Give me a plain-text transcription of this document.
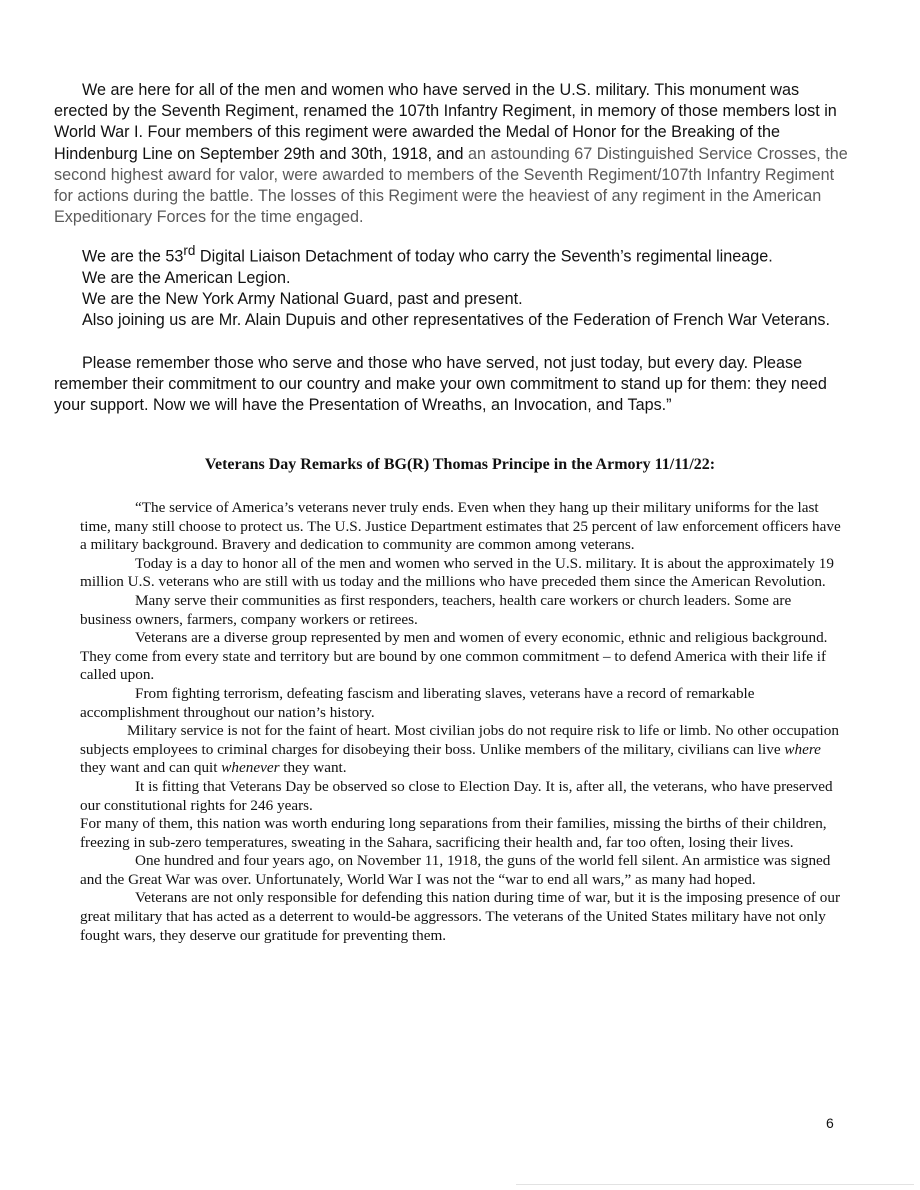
We are here for all of the men and women who have served in the U.S. military. This monument was erected by the Seventh Regiment, renamed the 107th Infantry Regiment, in memory of those members lost in World War I. Four members of this regiment were awarded the Medal of Honor for the Breaking of the Hindenburg Line on September 29th and 30th, 1918, and an astounding 67 Distinguished Service Crosses, the second highest award for valor, were awarded to members of the Seventh Regiment/107th Infantry Regiment for actions during the battle. The losses of this Regiment were the heaviest of any regiment in the American Expeditionary Forces for the time engaged.

We are the 53rd Digital Liaison Detachment of today who carry the Seventh’s regimental lineage.

We are the American Legion.

We are the New York Army National Guard, past and present.

Also joining us are Mr. Alain Dupuis and other representatives of the Federation of French War Veterans.

Please remember those who serve and those who have served, not just today, but every day. Please remember their commitment to our country and make your own commitment to stand up for them: they need your support. Now we will have the Presentation of Wreaths, an Invocation, and Taps.”

Veterans Day Remarks of BG(R) Thomas Principe in the Armory 11/11/22:

“The service of America’s veterans never truly ends. Even when they hang up their military uniforms for the last time, many still choose to protect us. The U.S. Justice Department estimates that 25 percent of law enforcement officers have a military background. Bravery and dedication to community are common among veterans.

Today is a day to honor all of the men and women who served in the U.S. military. It is about the approximately 19 million U.S. veterans who are still with us today and the millions who have preceded them since the American Revolution.

Many serve their communities as first responders, teachers, health care workers or church leaders. Some are business owners, farmers, company workers or retirees.

Veterans are a diverse group represented by men and women of every economic, ethnic and religious background. They come from every state and territory but are bound by one common commitment – to defend America with their life if called upon.

From fighting terrorism, defeating fascism and liberating slaves, veterans have a record of remarkable accomplishment throughout our nation’s history.

Military service is not for the faint of heart. Most civilian jobs do not require risk to life or limb. No other occupation subjects employees to criminal charges for disobeying their boss. Unlike members of the military, civilians can live where they want and can quit whenever they want.

It is fitting that Veterans Day be observed so close to Election Day. It is, after all, the veterans, who have preserved our constitutional rights for 246 years.

For many of them, this nation was worth enduring long separations from their families, missing the births of their children, freezing in sub-zero temperatures, sweating in the Sahara, sacrificing their health and, far too often, losing their lives.

One hundred and four years ago, on November 11, 1918, the guns of the world fell silent. An armistice was signed and the Great War was over. Unfortunately, World War I was not the “war to end all wars,” as many had hoped.

Veterans are not only responsible for defending this nation during time of war, but it is the imposing presence of our great military that has acted as a deterrent to would-be aggressors. The veterans of the United States military have not only fought wars, they deserve our gratitude for preventing them.

6
